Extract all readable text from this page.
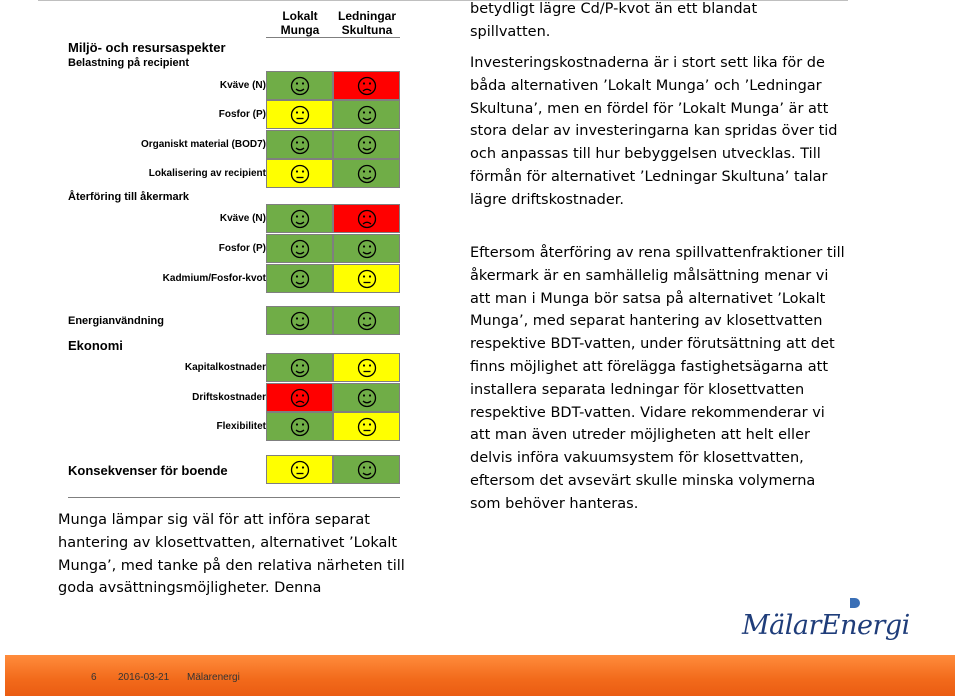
Lokalt
Munga
Ledningar
Skultuna
Miljö- och resursaspekter
Belastning på recipient
Återföring till åkermark
Energianvändning
Ekonomi
Konsekvenser för boende
Kväve (N)
Fosfor (P)
Organiskt material (BOD7)
Lokalisering av recipient
Kväve (N)
Fosfor (P)
Kadmium/Fosfor-kvot
Kapitalkostnader
Driftskostnader
Flexibilitet

Munga lämpar sig väl för att införa separat hantering av klosettvatten, alternativet ’Lokalt Munga’, med tanke på den relativa närheten till goda avsättningsmöjligheter. Denna

betydligt lägre Cd/P-kvot än ett blandat spillvatten.

Investeringskostnaderna är i stort sett lika för de båda alternativen ’Lokalt Munga’ och ’Ledningar Skultuna’, men en fördel för ’Lokalt Munga’ är att stora delar av investeringarna kan spridas över tid och anpassas till hur bebyggelsen utvecklas. Till förmån för alternativet ’Ledningar Skultuna’ talar lägre driftskostnader.

Eftersom återföring av rena spillvattenfraktioner till åkermark är en samhällelig målsättning menar vi att man i Munga bör satsa på alternativet ’Lokalt Munga’, med separat hantering av klosettvatten respektive BDT-vatten, under förutsättning att det finns möjlighet att förelägga fastighetsägarna att installera separata ledningar för klosettvatten respektive BDT-vatten. Vidare rekommenderar vi att man även utreder möjligheten att helt eller delvis införa vakuumsystem för klosettvatten, eftersom det avsevärt skulle minska volymerna som behöver hanteras.

MälarEnergi
6 2016-03-21 Mälarenergi
